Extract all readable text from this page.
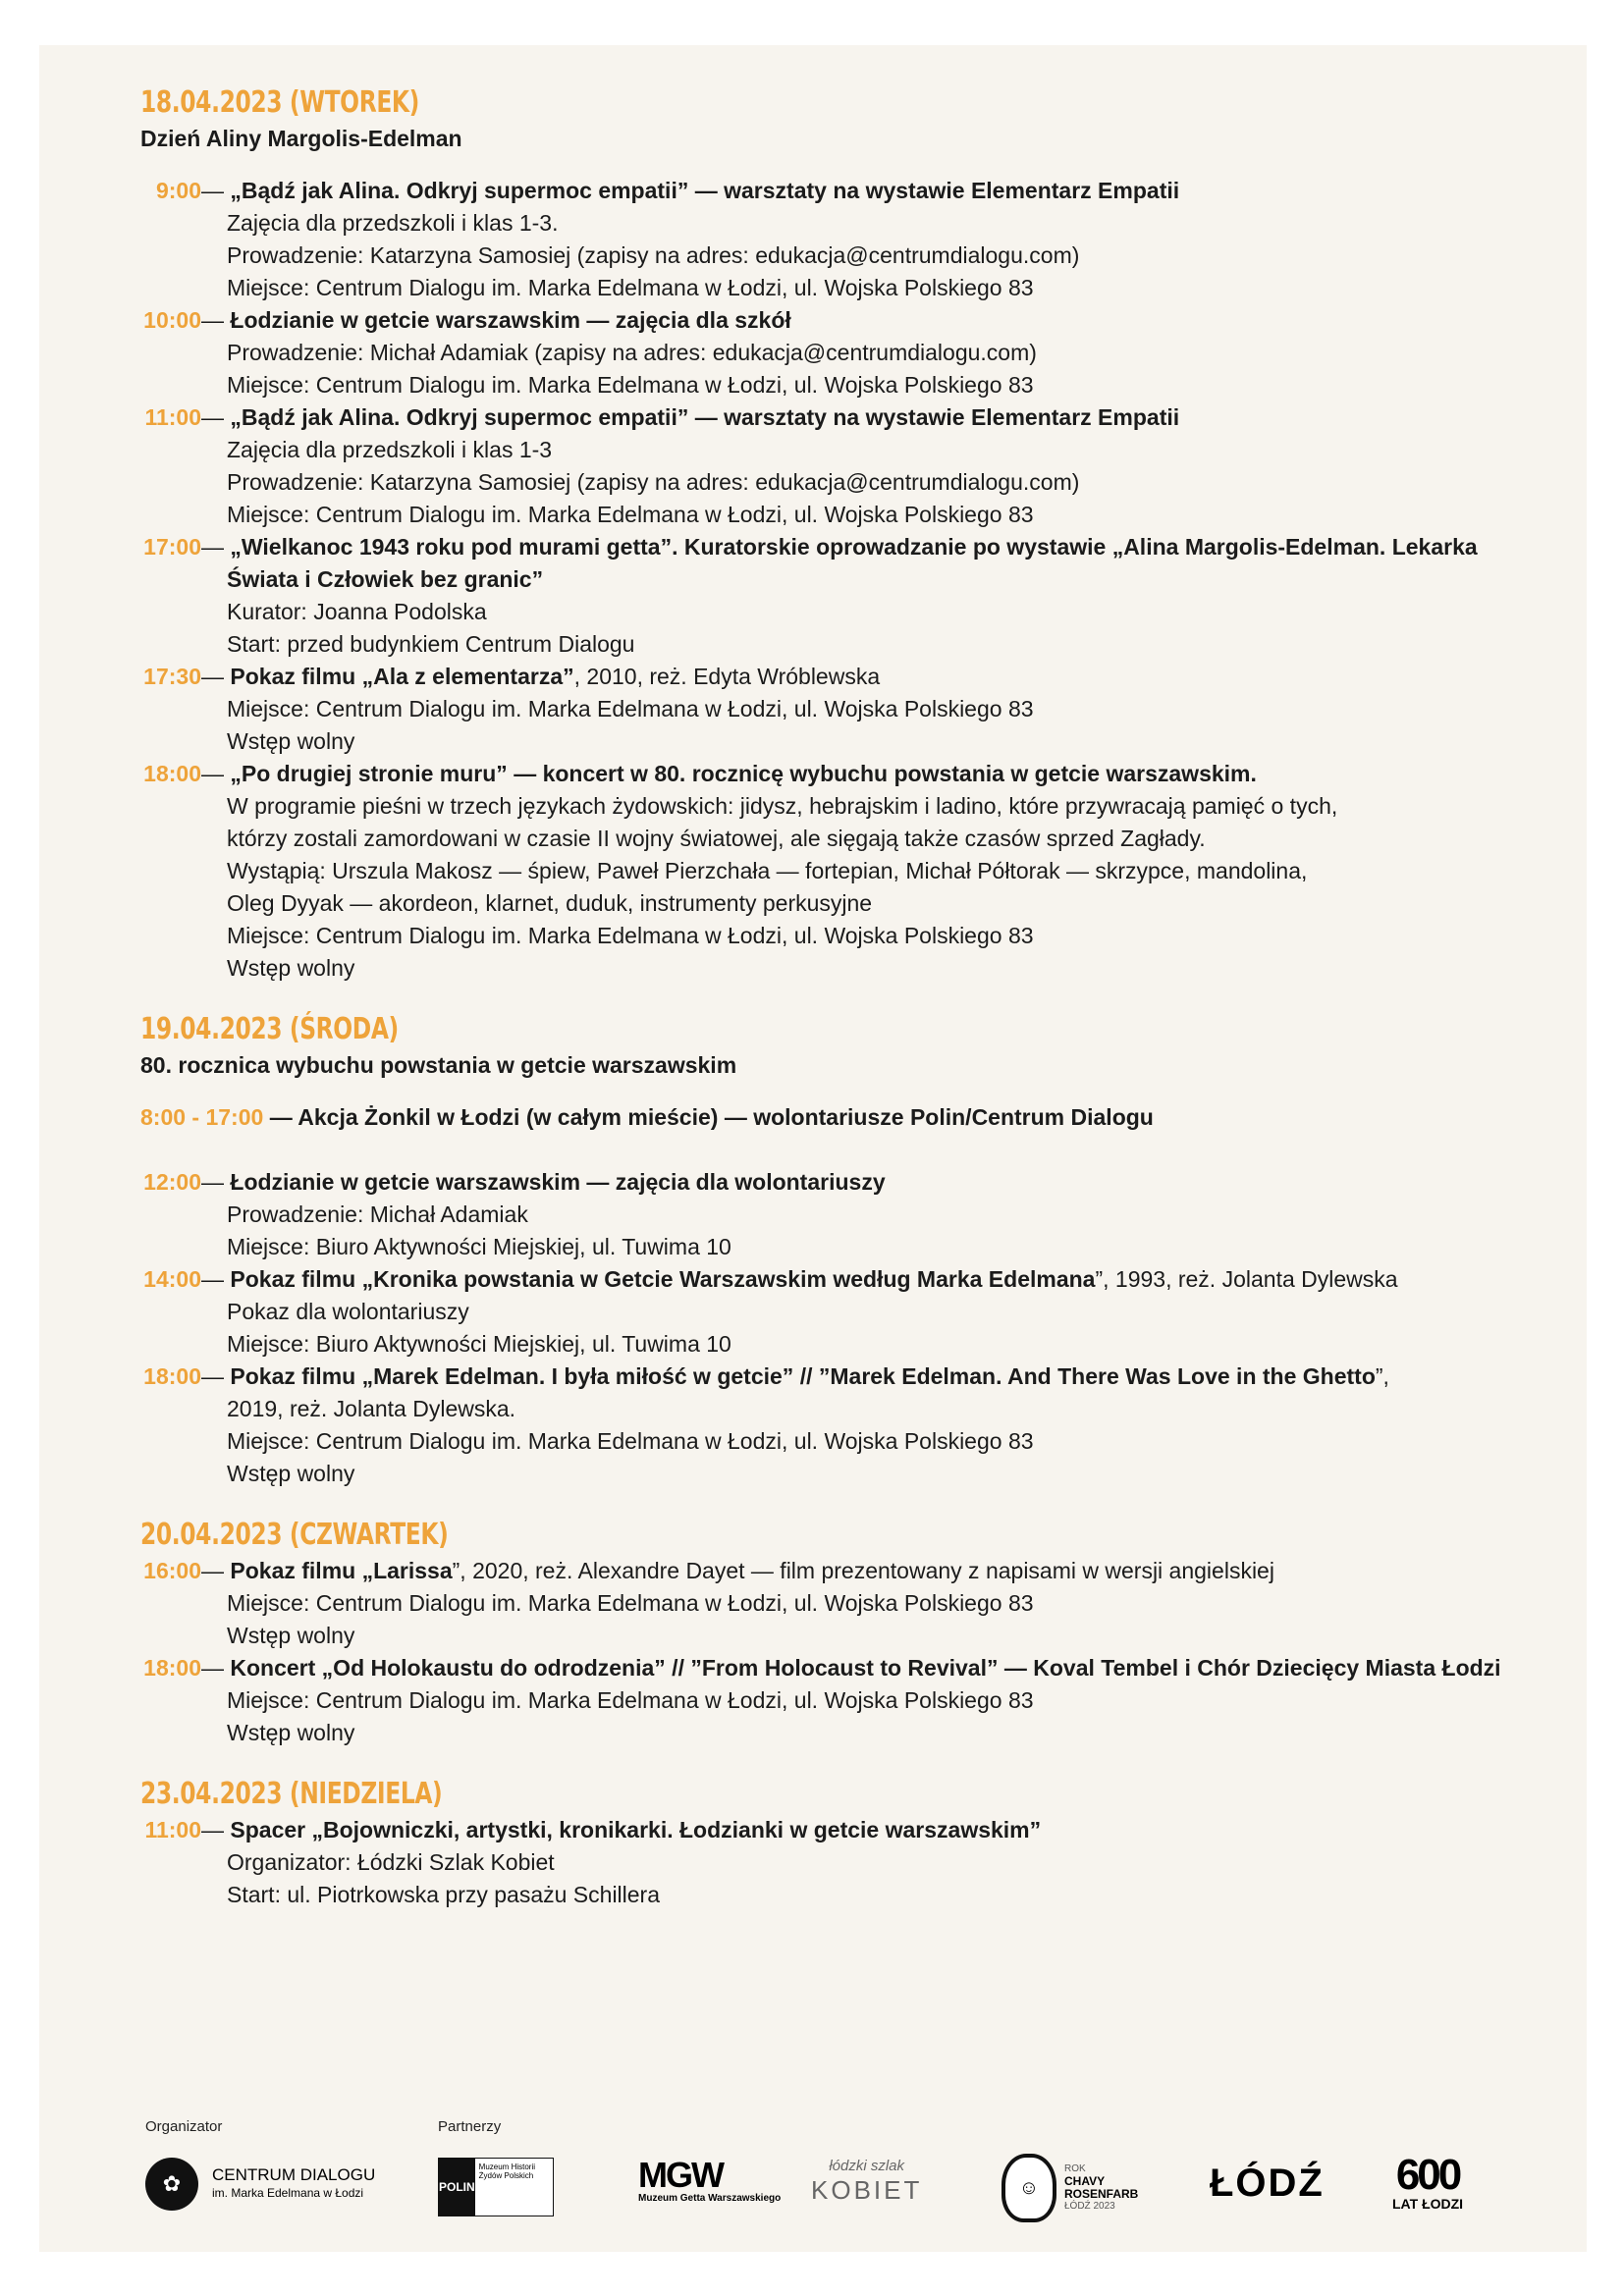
18.04.2023 (WTOREK)
Dzień Aliny Margolis-Edelman
9:00 — „Bądź jak Alina. Odkryj supermoc empatii” — warsztaty na wystawie Elementarz Empatii
Zajęcia dla przedszkoli i klas 1-3.
Prowadzenie: Katarzyna Samosiej (zapisy na adres: edukacja@centrumdialogu.com)
Miejsce: Centrum Dialogu im. Marka Edelmana w Łodzi, ul. Wojska Polskiego 83
10:00 — Łodzianie w getcie warszawskim — zajęcia dla szkół
Prowadzenie: Michał Adamiak (zapisy na adres: edukacja@centrumdialogu.com)
Miejsce: Centrum Dialogu im. Marka Edelmana w Łodzi, ul. Wojska Polskiego 83
11:00 — „Bądź jak Alina. Odkryj supermoc empatii” — warsztaty na wystawie Elementarz Empatii
Zajęcia dla przedszkoli i klas 1-3
Prowadzenie: Katarzyna Samosiej (zapisy na adres: edukacja@centrumdialogu.com)
Miejsce: Centrum Dialogu im. Marka Edelmana w Łodzi, ul. Wojska Polskiego 83
17:00 — „Wielkanoc 1943 roku pod murami getta”. Kuratorskie oprowadzanie po wystawie „Alina Margolis-Edelman. Lekarka
Świata i Człowiek bez granic”
Kurator: Joanna Podolska
Start: przed budynkiem Centrum Dialogu
17:30 — Pokaz filmu „Ala z elementarza”, 2010, reż. Edyta Wróblewska
Miejsce: Centrum Dialogu im. Marka Edelmana w Łodzi, ul. Wojska Polskiego 83
Wstęp wolny
18:00 — „Po drugiej stronie muru” — koncert w 80. rocznicę wybuchu powstania w getcie warszawskim.
W programie pieśni w trzech językach żydowskich: jidysz, hebrajskim i ladino, które przywracają pamięć o tych,
którzy zostali zamordowani w czasie II wojny światowej, ale sięgają także czasów sprzed Zagłady.
Wystąpią: Urszula Makosz — śpiew, Paweł Pierzchała — fortepian, Michał Półtorak — skrzypce, mandolina,
Oleg Dyyak — akordeon, klarnet, duduk, instrumenty perkusyjne
Miejsce: Centrum Dialogu im. Marka Edelmana w Łodzi, ul. Wojska Polskiego 83
Wstęp wolny
19.04.2023 (ŚRODA)
80. rocznica wybuchu powstania w getcie warszawskim
8:00 - 17:00 — Akcja Żonkil w Łodzi (w całym mieście) — wolontariusze Polin/Centrum Dialogu
12:00 — Łodzianie w getcie warszawskim — zajęcia dla wolontariuszy
Prowadzenie: Michał Adamiak
Miejsce: Biuro Aktywności Miejskiej, ul. Tuwima 10
14:00 — Pokaz filmu „Kronika powstania w Getcie Warszawskim według Marka Edelmana”, 1993, reż. Jolanta Dylewska
Pokaz dla wolontariuszy
Miejsce: Biuro Aktywności Miejskiej, ul. Tuwima 10
18:00 — Pokaz filmu „Marek Edelman. I była miłość w getcie” // ”Marek Edelman. And There Was Love in the Ghetto”,
2019, reż. Jolanta Dylewska.
Miejsce: Centrum Dialogu im. Marka Edelmana w Łodzi, ul. Wojska Polskiego 83
Wstęp wolny
20.04.2023 (CZWARTEK)
16:00 — Pokaz filmu „Larissa”, 2020, reż. Alexandre Dayet — film prezentowany z napisami w wersji angielskiej
Miejsce: Centrum Dialogu im. Marka Edelmana w Łodzi, ul. Wojska Polskiego 83
Wstęp wolny
18:00 — Koncert „Od Holokaustu do odrodzenia” // ”From Holocaust to Revival” — Koval Tembel i Chór Dziecięcy Miasta Łodzi
Miejsce: Centrum Dialogu im. Marka Edelmana w Łodzi, ul. Wojska Polskiego 83
Wstęp wolny
23.04.2023 (NIEDZIELA)
11:00 — Spacer „Bojowniczki, artystki, kronikarki. Łodzianki w getcie warszawskim”
Organizator: Łódzki Szlak Kobiet
Start: ul. Piotrkowska przy pasażu Schillera
Organizator	Partnerzy
✿	CENTRUM DIALOGU
im. Marka Edelmana w Łodzi	POLIN
Muzeum Historii Żydów Polskich	MGW
Muzeum Getta Warszawskiego
łódzki szlak
KOBIET	☺
ROK
CHAVY
ROSENFARB
ŁÓDŹ 2023
ŁÓDŹ 600
LAT ŁODZI
